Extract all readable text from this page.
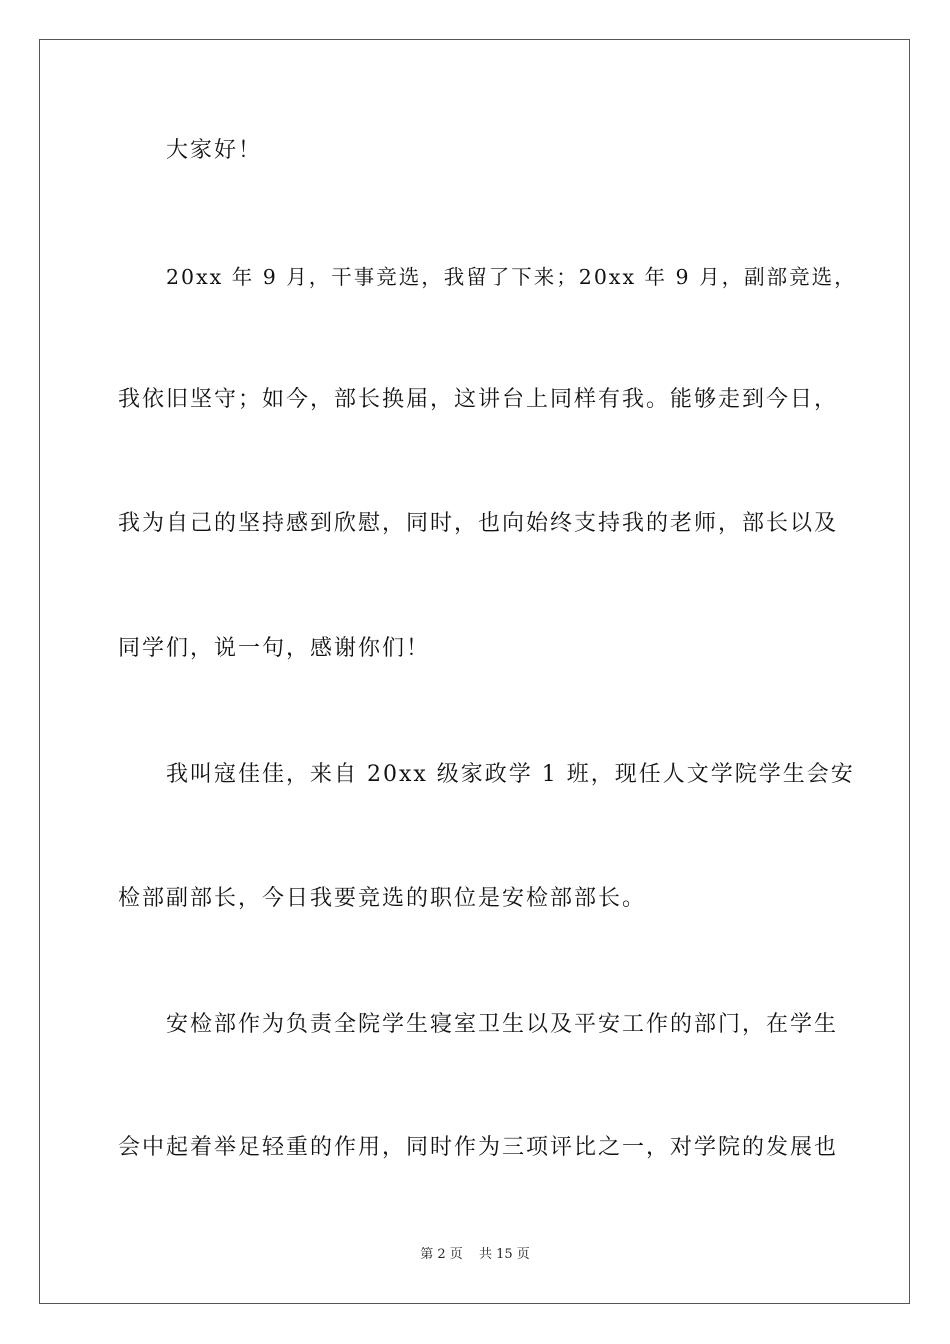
大家好！
20xx 年 9 月，干事竞选，我留了下来；20xx 年 9 月，副部竞选，
我依旧坚守；如今，部长换届，这讲台上同样有我。能够走到今日，
我为自己的坚持感到欣慰，同时，也向始终支持我的老师，部长以及
同学们，说一句，感谢你们！
我叫寇佳佳，来自 20xx 级家政学 1 班，现任人文学院学生会安
检部副部长，今日我要竞选的职位是安检部部长。
安检部作为负责全院学生寝室卫生以及平安工作的部门，在学生
会中起着举足轻重的作用，同时作为三项评比之一，对学院的发展也
第 2 页 共 15 页
